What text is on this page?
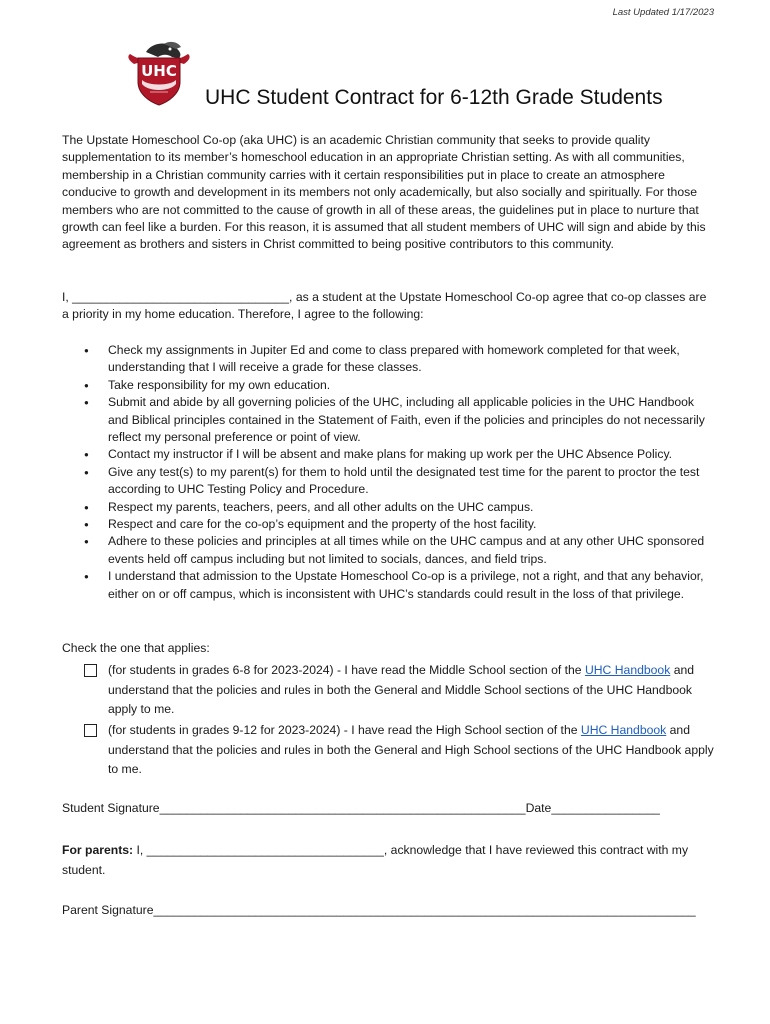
Last Updated 1/17/2023
UHC
UHC Student Contract for 6-12th Grade Students

The Upstate Homeschool Co-op (aka UHC) is an academic Christian community that seeks to provide quality supplementation to its member’s homeschool education in an appropriate Christian setting. As with all communities, membership in a Christian community carries with it certain responsibilities put in place to create an atmosphere conducive to growth and development in its members not only academically, but also socially and spiritually. For those members who are not committed to the cause of growth in all of these areas, the guidelines put in place to nurture that growth can feel like a burden. For this reason, it is assumed that all student members of UHC will sign and abide by this agreement as brothers and sisters in Christ committed to being positive contributors to this community.

I, ________________________________, as a student at the Upstate Homeschool Co-op agree that co-op classes are a priority in my home education. Therefore, I agree to the following:

● Check my assignments in Jupiter Ed and come to class prepared with homework completed for that week, understanding that I will receive a grade for these classes.
● Take responsibility for my own education.
● Submit and abide by all governing policies of the UHC, including all applicable policies in the UHC Handbook and Biblical principles contained in the Statement of Faith, even if the policies and principles do not necessarily reflect my personal preference or point of view.
● Contact my instructor if I will be absent and make plans for making up work per the UHC Absence Policy.
● Give any test(s) to my parent(s) for them to hold until the designated test time for the parent to proctor the test according to UHC Testing Policy and Procedure.
● Respect my parents, teachers, peers, and all other adults on the UHC campus.
● Respect and care for the co-op’s equipment and the property of the host facility.
● Adhere to these policies and principles at all times while on the UHC campus and at any other UHC sponsored events held off campus including but not limited to socials, dances, and field trips.
● I understand that admission to the Upstate Homeschool Co-op is a privilege, not a right, and that any behavior, either on or off campus, which is inconsistent with UHC’s standards could result in the loss of that privilege.
Check the one that applies:
(for students in grades 6-8 for 2023-2024) - I have read the Middle School section of the UHC Handbook and understand that the policies and rules in both the General and Middle School sections of the UHC Handbook apply to me.
(for students in grades 9-12 for 2023-2024) - I have read the High School section of the UHC Handbook and understand that the policies and rules in both the General and High School sections of the UHC Handbook apply to me.
Student Signature______________________________________________________Date________________
For parents: I, ___________________________________, acknowledge that I have reviewed this contract with my student.
Parent Signature________________________________________________________________________________
